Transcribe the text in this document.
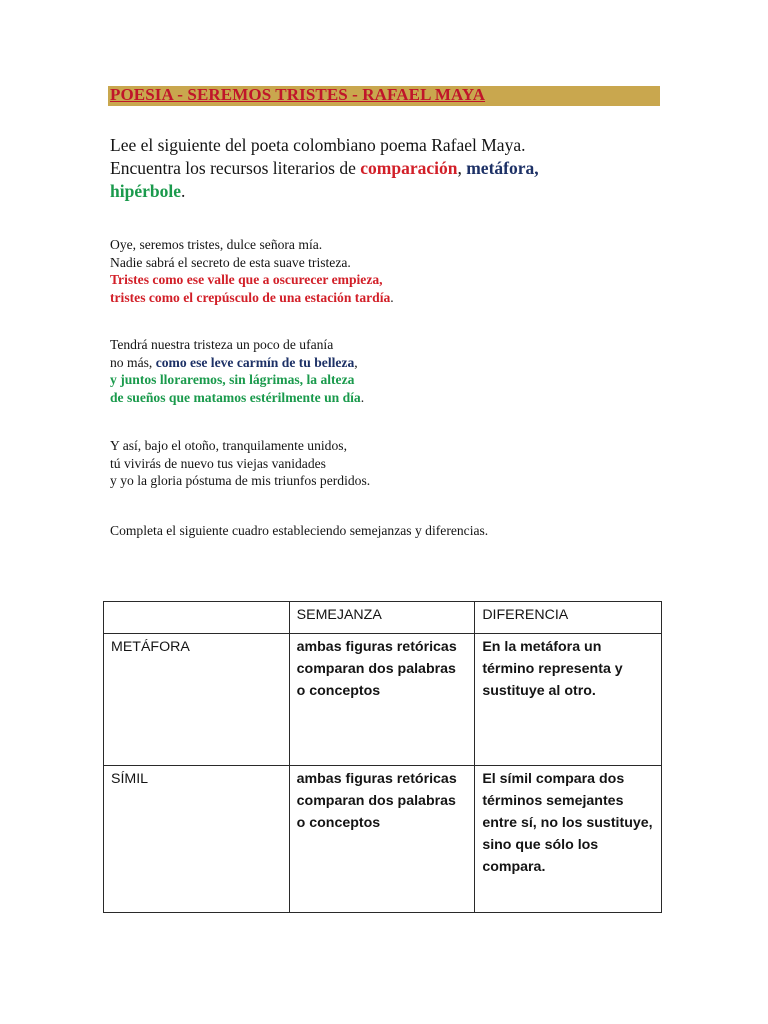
POESIA - SEREMOS TRISTES - RAFAEL MAYA
Lee el siguiente del poeta colombiano poema Rafael Maya.
Encuentra los recursos literarios de comparación, metáfora,
hipérbole.
Oye, seremos tristes, dulce señora mía.
Nadie sabrá el secreto de esta suave tristeza.
Tristes como ese valle que a oscurecer empieza,
tristes como el crepúsculo de una estación tardía.
Tendrá nuestra tristeza un poco de ufanía
no más, como ese leve carmín de tu belleza,
y juntos lloraremos, sin lágrimas, la alteza
de sueños que matamos estérilmente un día.
Y así, bajo el otoño, tranquilamente unidos,
tú vivirás de nuevo tus viejas vanidades
y yo la gloria póstuma de mis triunfos perdidos.
Completa el siguiente cuadro estableciendo semejanzas y diferencias.
	SEMEJANZA	DIFERENCIA
METÁFORA	ambas figuras retóricas comparan dos palabras o conceptos	En la metáfora un término representa y sustituye al otro.
SÍMIL	ambas figuras retóricas comparan dos palabras o conceptos	El símil compara dos términos semejantes entre sí, no los sustituye, sino que sólo los compara.
